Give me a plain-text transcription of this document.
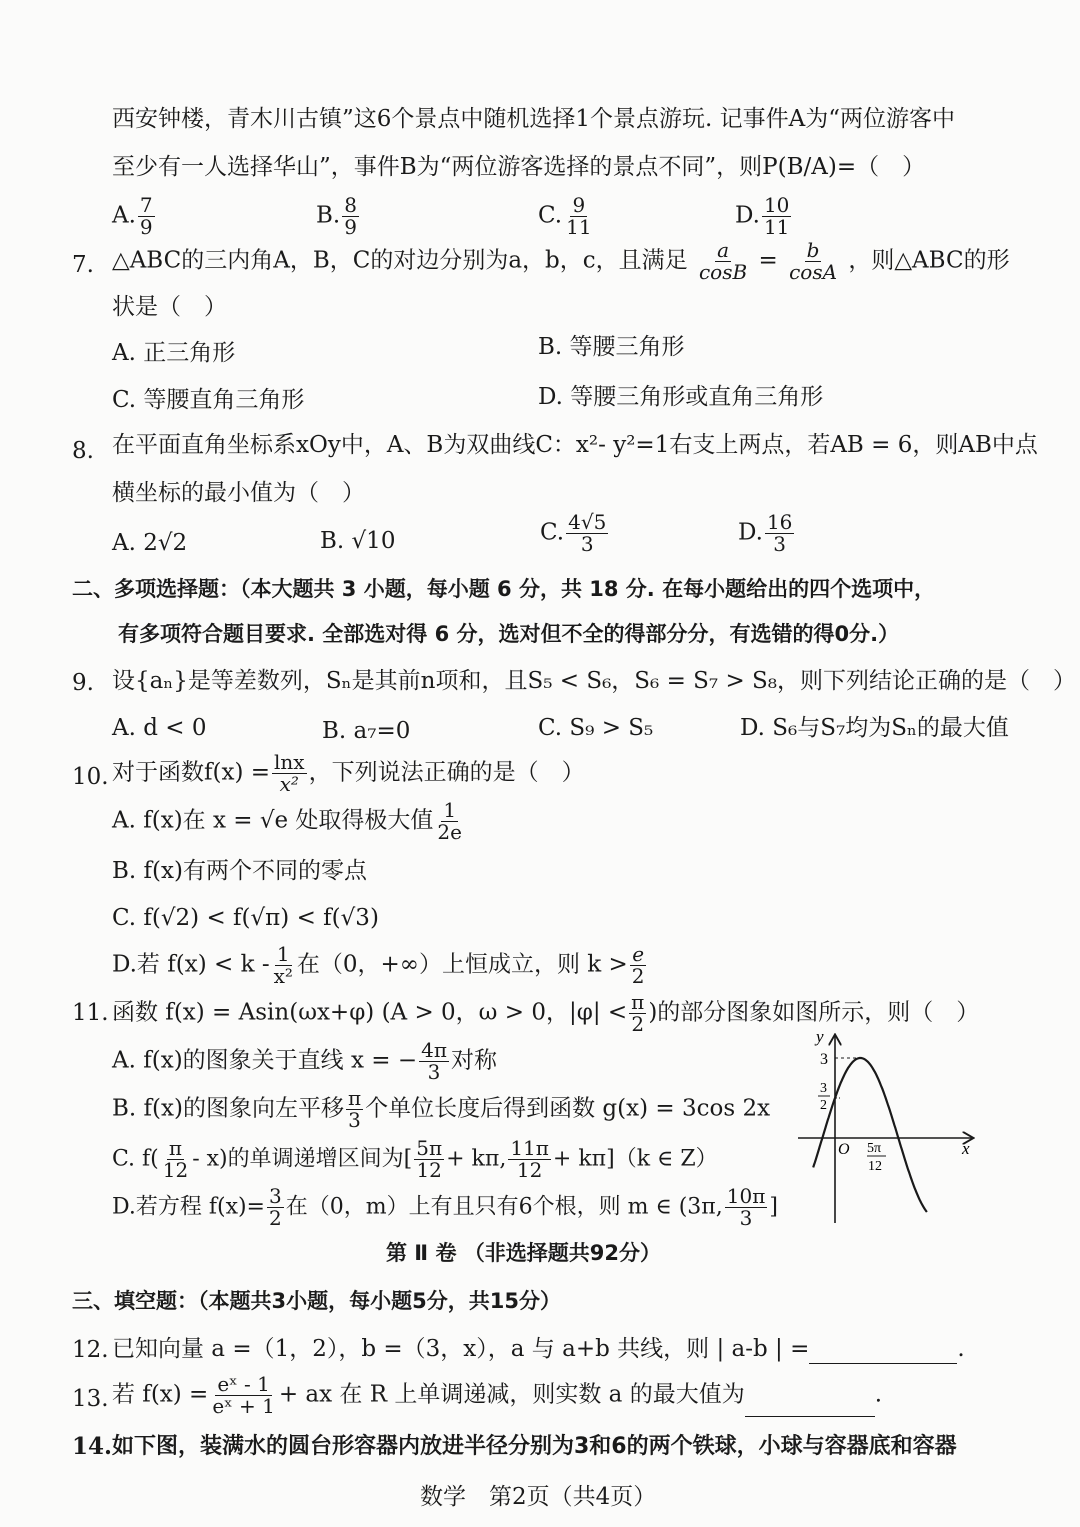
西安钟楼，青木川古镇”这6个景点中随机选择1个景点游玩. 记事件A为“两位游客中
至少有一人选择华山”，事件B为“两位游客选择的景点不同”，则P(B/A)=（　）
A. $\frac{7}{9}$	B. $\frac{8}{9}$	C. $\frac{9}{11}$	D. $\frac{10}{11}$
7. △ABC的三内角A，B，C的对边分别为a，b，c，且满足 $\frac{a}{\cos B} = \frac{b}{\cos A}$ ，则△ABC的形
状是（　）
A. 正三角形	B. 等腰三角形
C. 等腰直角三角形	D. 等腰三角形或直角三角形
8. 在平面直角坐标系xOy中，A、B为双曲线C：x²- y²=1右支上两点，若AB = 6，则AB中点
横坐标的最小值为（　）
A. 2√2	B. √10	C. $\frac{4√5}{3}$	D. $\frac{16}{3}$
二、多项选择题：（本大题共 3 小题，每小题 6 分，共 18 分. 在每小题给出的四个选项中，
有多项符合题目要求. 全部选对得 6 分，选对但不全的得部分分，有选错的得0分.）
9. 设{aₙ}是等差数列，Sₙ是其前n项和，且S₅ < S₆，S₆ = S₇ > S₈，则下列结论正确的是（　）
A. d < 0	B. a₇=0	C. S₉ > S₅	D. S₆与S₇均为Sₙ的最大值
10. 对于函数$f(x) = \frac{\ln x}{\text{x²}}$ ，下列说法正确的是（　）
A. f(x)在 x = √e 处取得极大值 $\frac{1}{2e}$
B. f(x)有两个不同的零点
C. f(√2) < f(√π) < f(√3)
D.若 $f(x) < k - \frac{1}{\text{x²}}$ 在（0，+∞）上恒成立，则 $k > \frac{e}{2}$
11. 函数 f(x) = Asin(ωx+φ) (A > 0，ω > 0，$|\varphi| < \frac{\pi}{2}$ )的部分图象如图所示，则（　）
A. f(x)的图象关于直线 x = − $\frac{4\pi}{3}$ 对称
B. f(x)的图象向左平移 $\frac{\pi}{3}$ 个单位长度后得到函数 g(x) = 3cos 2x
C. $f( \frac{\pi}{12} - x)$的单调递增区间为[ $\frac{5\pi}{12} + k\pi$, $\frac{11\pi}{12} + k\pi](k$ ∈ Z）
D.若方程 $f(x)= \frac{3}{2}$ 在（0，m）上有且只有6个根，则 m ∈ (3π, $\frac{10\pi}{3}$ ]
y
x
O
3
3
2
5π
12
第 Ⅱ 卷 （非选择题共92分）
三、填空题：（本题共3小题，每小题5分，共15分）
12. 已知向量 a =（1，2），b =（3，x），a 与 a+b 共线，则 | a-b | =	.
13. 若 $f(x) = \frac{\text{eˣ - 1}}{\text{eˣ + 1}}$ + ax 在 R 上单调递减，则实数 a 的最大值为	.
14. 如下图，装满水的圆台形容器内放进半径分别为3和6的两个铁球，小球与容器底和容器
数学　第2页（共4页）
